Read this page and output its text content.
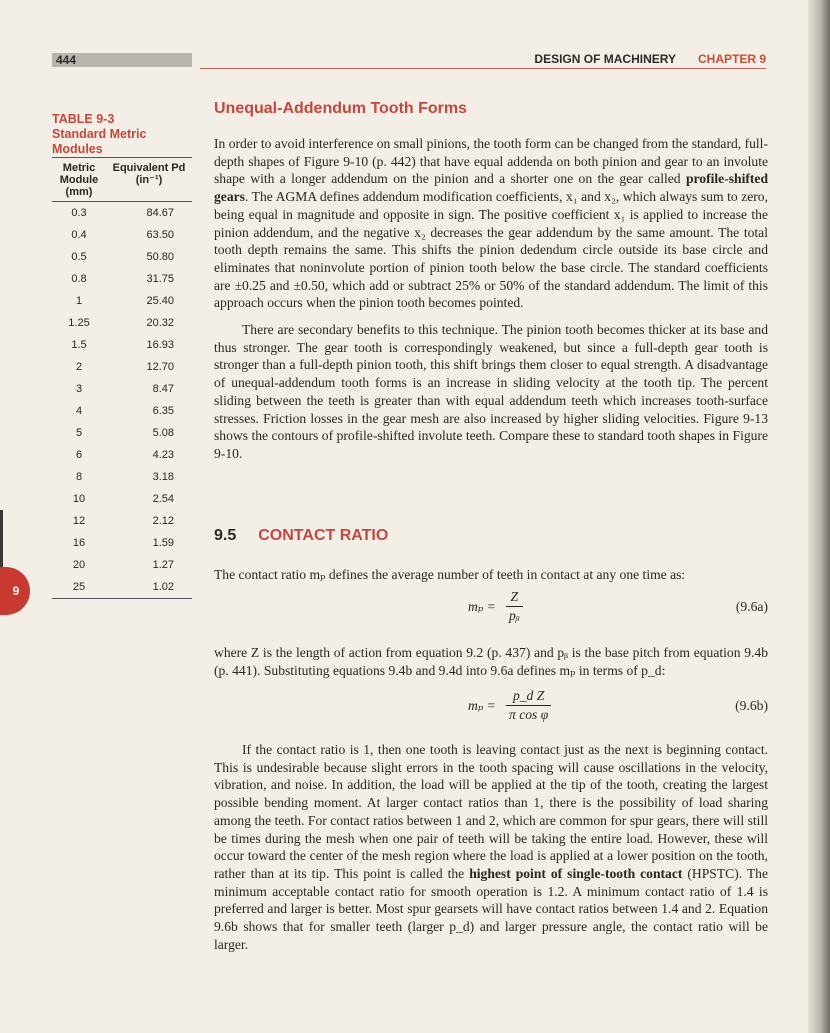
444	DESIGN OF MACHINERY CHAPTER 9
TABLE 9-3
Standard Metric Modules
Metric Module (mm)
Equivalent Pd (in⁻¹)
0.3	84.67
0.4	63.50
0.5	50.80
0.8	31.75
1	25.40
1.25	20.32
1.5	16.93
2	12.70
3	8.47
4	6.35
5	5.08
6	4.23
8	3.18
10	2.54
12	2.12
16	1.59
20	1.27
25	1.02
9
Unequal-Addendum Tooth Forms

In order to avoid interference on small pinions, the tooth form can be changed from the standard, full-depth shapes of Figure 9-10 (p. 442) that have equal addenda on both pinion and gear to an involute shape with a longer addendum on the pinion and a shorter one on the gear called profile-shifted gears. The AGMA defines addendum modification coefficients, x₁ and x₂, which always sum to zero, being equal in magnitude and opposite in sign. The positive coefficient x₁ is applied to increase the pinion addendum, and the negative x₂ decreases the gear addendum by the same amount. The total tooth depth remains the same. This shifts the pinion dedendum circle outside its base circle and eliminates that noninvolute portion of pinion tooth below the base circle. The standard coefficients are ±0.25 and ±0.50, which add or subtract 25% or 50% of the standard addendum. The limit of this approach occurs when the pinion tooth becomes pointed.

There are secondary benefits to this technique. The pinion tooth becomes thicker at its base and thus stronger. The gear tooth is correspondingly weakened, but since a full-depth gear tooth is stronger than a full-depth pinion tooth, this shift brings them closer to equal strength. A disadvantage of unequal-addendum tooth forms is an increase in sliding velocity at the tooth tip. The percent sliding between the teeth is greater than with equal addendum teeth which increases tooth-surface stresses. Friction losses in the gear mesh are also increased by higher sliding velocities. Figure 9-13 shows the contours of profile-shifted involute teeth. Compare these to standard tooth shapes in Figure 9-10.

9.5 CONTACT RATIO

The contact ratio mₚ defines the average number of teeth in contact at any one time as:

mₚ =
Z
pᵦ
(9.6a)

where Z is the length of action from equation 9.2 (p. 437) and pᵦ is the base pitch from equation 9.4b (p. 441). Substituting equations 9.4b and 9.4d into 9.6a defines mₚ in terms of p_d:

mₚ =
p_d Z
π cos φ
(9.6b)

If the contact ratio is 1, then one tooth is leaving contact just as the next is beginning contact. This is undesirable because slight errors in the tooth spacing will cause oscillations in the velocity, vibration, and noise. In addition, the load will be applied at the tip of the tooth, creating the largest possible bending moment. At larger contact ratios than 1, there is the possibility of load sharing among the teeth. For contact ratios between 1 and 2, which are common for spur gears, there will still be times during the mesh when one pair of teeth will be taking the entire load. However, these will occur toward the center of the mesh region where the load is applied at a lower position on the tooth, rather than at its tip. This point is called the highest point of single-tooth contact (HPSTC). The minimum acceptable contact ratio for smooth operation is 1.2. A minimum contact ratio of 1.4 is preferred and larger is better. Most spur gearsets will have contact ratios between 1.4 and 2. Equation 9.6b shows that for smaller teeth (larger p_d) and larger pressure angle, the contact ratio will be larger.
